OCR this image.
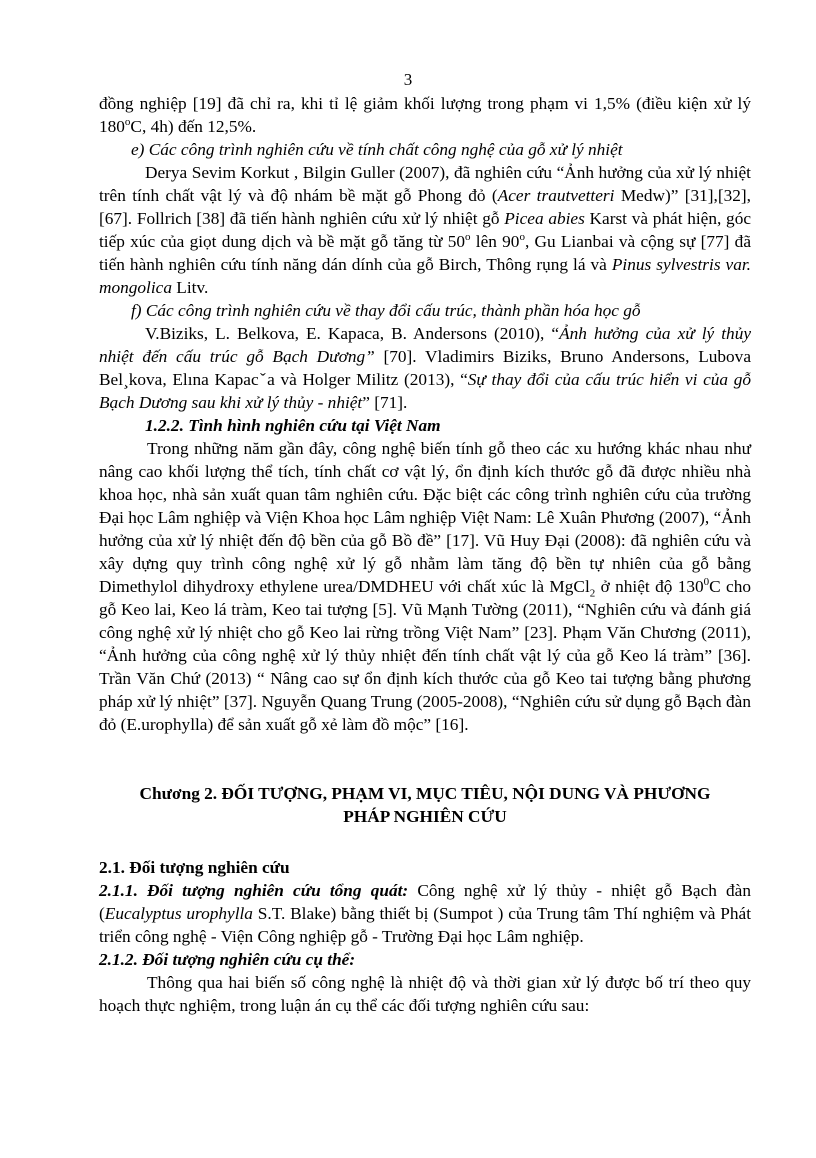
3

đồng nghiệp [19] đã chỉ ra, khi tỉ lệ giảm khối lượng trong phạm vi 1,5% (điều kiện xử lý 180$^o$C, 4h) đến 12,5%.

e) Các công trình nghiên cứu về tính chất công nghệ của gỗ xử lý nhiệt

Derya Sevim Korkut , Bilgin Guller (2007), đã nghiên cứu “Ảnh hưởng của xử lý nhiệt trên tính chất vật lý và độ nhám bề mặt gỗ Phong đỏ (Acer trautvetteri Medw)” [31],[32],[67]. Follrich [38] đã tiến hành nghiên cứu xử lý nhiệt gỗ Picea abies Karst và phát hiện, góc tiếp xúc của giọt dung dịch và bề mặt gỗ tăng từ 50$^o$ lên 90$^o$, Gu Lianbai và cộng sự [77] đã tiến hành nghiên cứu tính năng dán dính của gỗ Birch, Thông rụng lá và Pinus sylvestris var. mongolica Litv.

f) Các công trình nghiên cứu về thay đổi cấu trúc, thành phần hóa học gỗ

V.Biziks, L. Belkova, E. Kapaca, B. Andersons (2010), “Ảnh hưởng của xử lý thủy nhiệt đến cấu trúc gỗ Bạch Dương” [70]. Vladimirs Biziks, Bruno Andersons, Lubova Bel¸kova, Elına Kapacˇa và Holger Militz (2013), “Sự thay đổi của cấu trúc hiển vi của gỗ Bạch Dương sau khi xử lý thủy - nhiệt” [71].

1.2.2. Tình hình nghiên cứu tại Việt Nam

Trong những năm gần đây, công nghệ biến tính gỗ theo các xu hướng khác nhau như nâng cao khối lượng thể tích, tính chất cơ vật lý, ổn định kích thước gỗ đã được nhiều nhà khoa học, nhà sản xuất quan tâm nghiên cứu. Đặc biệt các công trình nghiên cứu của trường Đại học Lâm nghiệp và Viện Khoa học Lâm nghiệp Việt Nam: Lê Xuân Phương (2007), “Ảnh hưởng của xử lý nhiệt đến độ bền của gỗ Bồ đề” [17]. Vũ Huy Đại (2008): đã nghiên cứu và xây dựng quy trình công nghệ xử lý gỗ nhằm làm tăng độ bền tự nhiên của gỗ bằng Dimethylol dihydroxy ethylene urea/DMDHEU với chất xúc là MgCl$_2$ ở nhiệt độ $130^0C$ cho gỗ Keo lai, Keo lá tràm, Keo tai tượng [5]. Vũ Mạnh Tường (2011), “Nghiên cứu và đánh giá công nghệ xử lý nhiệt cho gỗ Keo lai rừng trồng Việt Nam” [23]. Phạm Văn Chương (2011), “Ảnh hưởng của công nghệ xử lý thủy nhiệt đến tính chất vật lý của gỗ Keo lá tràm” [36]. Trần Văn Chứ (2013) “ Nâng cao sự ổn định kích thước của gỗ Keo tai tượng bằng phương pháp xử lý nhiệt” [37]. Nguyễn Quang Trung (2005-2008), “Nghiên cứu sử dụng gỗ Bạch đàn đỏ (E.urophylla) để sản xuất gỗ xẻ làm đồ mộc” [16].

Chương 2. ĐỐI TƯỢNG, PHẠM VI, MỤC TIÊU, NỘI DUNG VÀ PHƯƠNG PHÁP NGHIÊN CỨU

2.1. Đối tượng nghiên cứu

2.1.1. Đối tượng nghiên cứu tổng quát: Công nghệ xử lý thủy - nhiệt gỗ Bạch đàn (Eucalyptus urophylla S.T. Blake) bằng thiết bị (Sumpot ) của Trung tâm Thí nghiệm và Phát triển công nghệ - Viện Công nghiệp gỗ - Trường Đại học Lâm nghiệp.

2.1.2. Đối tượng nghiên cứu cụ thể:

Thông qua hai biến số công nghệ là nhiệt độ và thời gian xử lý được bố trí theo quy hoạch thực nghiệm, trong luận án cụ thể các đối tượng nghiên cứu sau:
